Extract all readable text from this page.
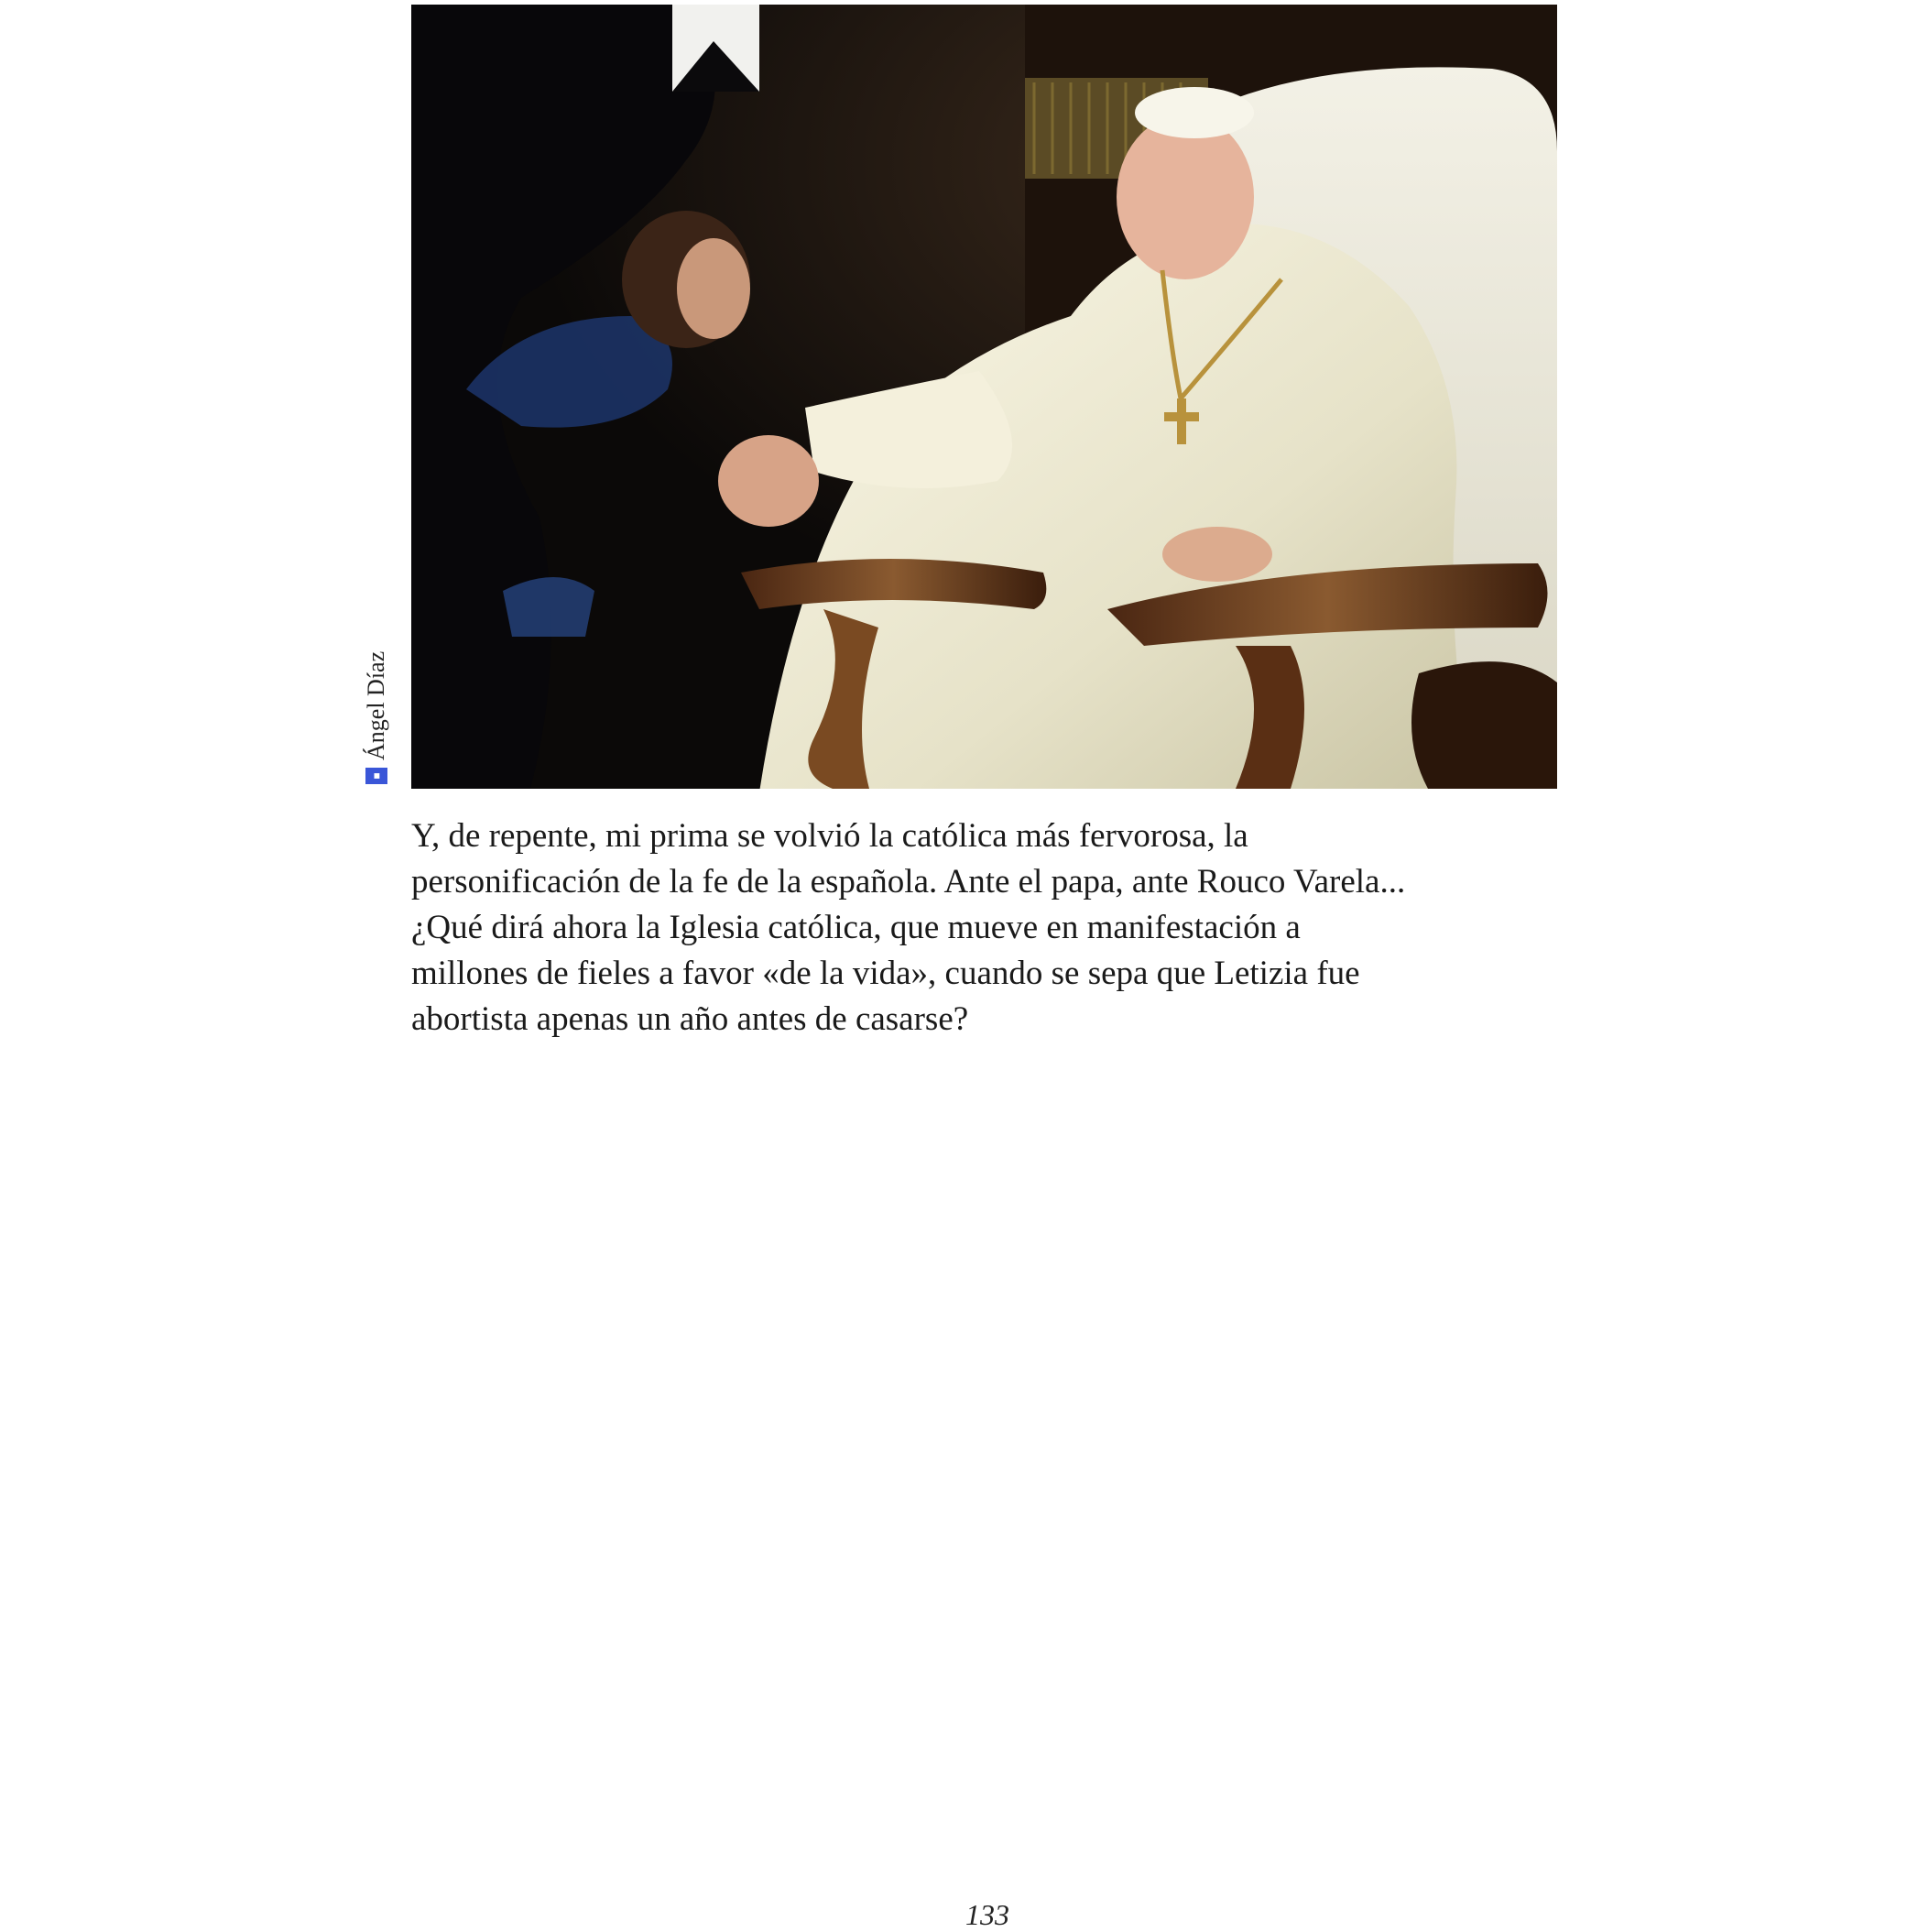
■
Ángel Díaz

Y, de repente, mi prima se volvió la católica más fervorosa, la
personificación de la fe de la española. Ante el papa, ante Rouco Varela...
¿Qué dirá ahora la Iglesia católica, que mueve en manifestación a
millones de fieles a favor «de la vida», cuando se sepa que Letizia fue
abortista apenas un año antes de casarse?

133
